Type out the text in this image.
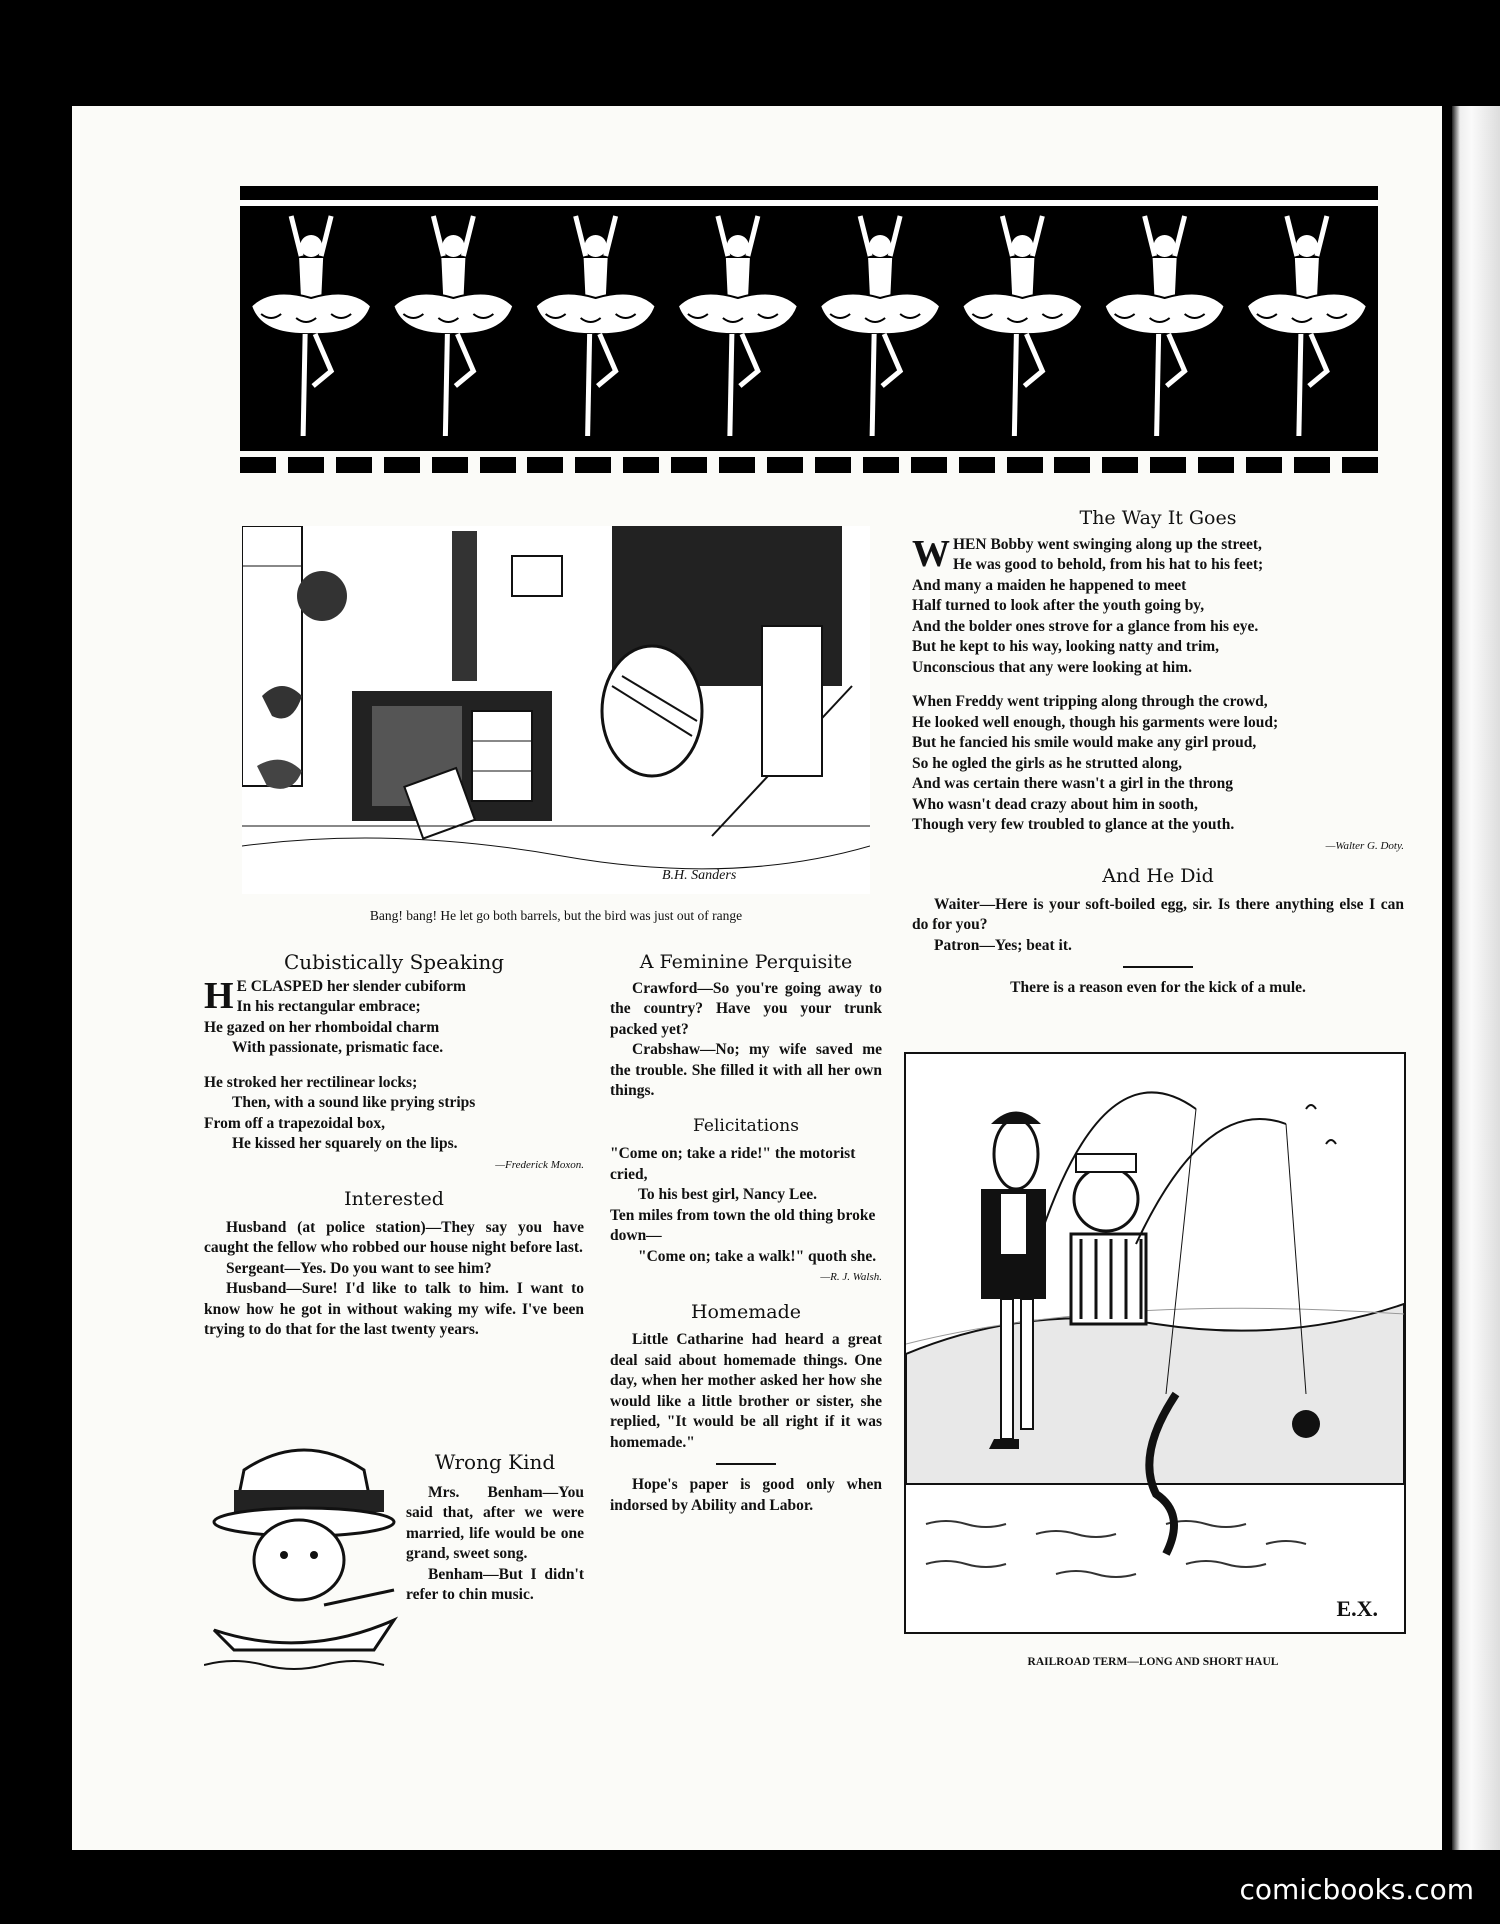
B.H. Sanders
Bang! bang! He let go both barrels, but the bird was just out of range
Cubistically Speaking
H E CLASPED her slender cubiform

In his rectangular embrace;

He gazed on her rhomboidal charm

With passionate, prismatic face.

He stroked her rectilinear locks;

Then, with a sound like prying strips

From off a trapezoidal box,

He kissed her squarely on the lips.

—Frederick Moxon.

Interested

Husband (at police station)—They say you have caught the fellow who robbed our house night before last.

Sergeant—Yes. Do you want to see him?

Husband—Sure! I'd like to talk to him. I want to know how he got in without waking my wife. I've been trying to do that for the last twenty years.

Wrong Kind

Mrs. Benham—You said that, after we were married, life would be one grand, sweet song.

Benham—But I didn't refer to chin music.

A Feminine Perquisite

Crawford—So you're going away to the country? Have you your trunk packed yet?

Crabshaw—No; my wife saved me the trouble. She filled it with all her own things.

Felicitations

"Come on; take a ride!" the motorist cried,

To his best girl, Nancy Lee.

Ten miles from town the old thing broke down—

"Come on; take a walk!" quoth she.

—R. J. Walsh.

Homemade

Little Catharine had heard a great deal said about homemade things. One day, when her mother asked her how she would like a little brother or sister, she replied, "It would be all right if it was homemade."

Hope's paper is good only when indorsed by Ability and Labor.

The Way It Goes
W HEN Bobby went swinging along up the street,

He was good to behold, from his hat to his feet;

And many a maiden he happened to meet

Half turned to look after the youth going by,

And the bolder ones strove for a glance from his eye.

But he kept to his way, looking natty and trim,

Unconscious that any were looking at him.

When Freddy went tripping along through the crowd,

He looked well enough, though his garments were loud;

But he fancied his smile would make any girl proud,

So he ogled the girls as he strutted along,

And was certain there wasn't a girl in the throng

Who wasn't dead crazy about him in sooth,

Though very few troubled to glance at the youth.

—Walter G. Doty.

And He Did

Waiter—Here is your soft-boiled egg, sir. Is there anything else I can do for you?

Patron—Yes; beat it.

There is a reason even for the kick of a mule.

E.X.
RAILROAD TERM—LONG AND SHORT HAUL
comicbooks.com
